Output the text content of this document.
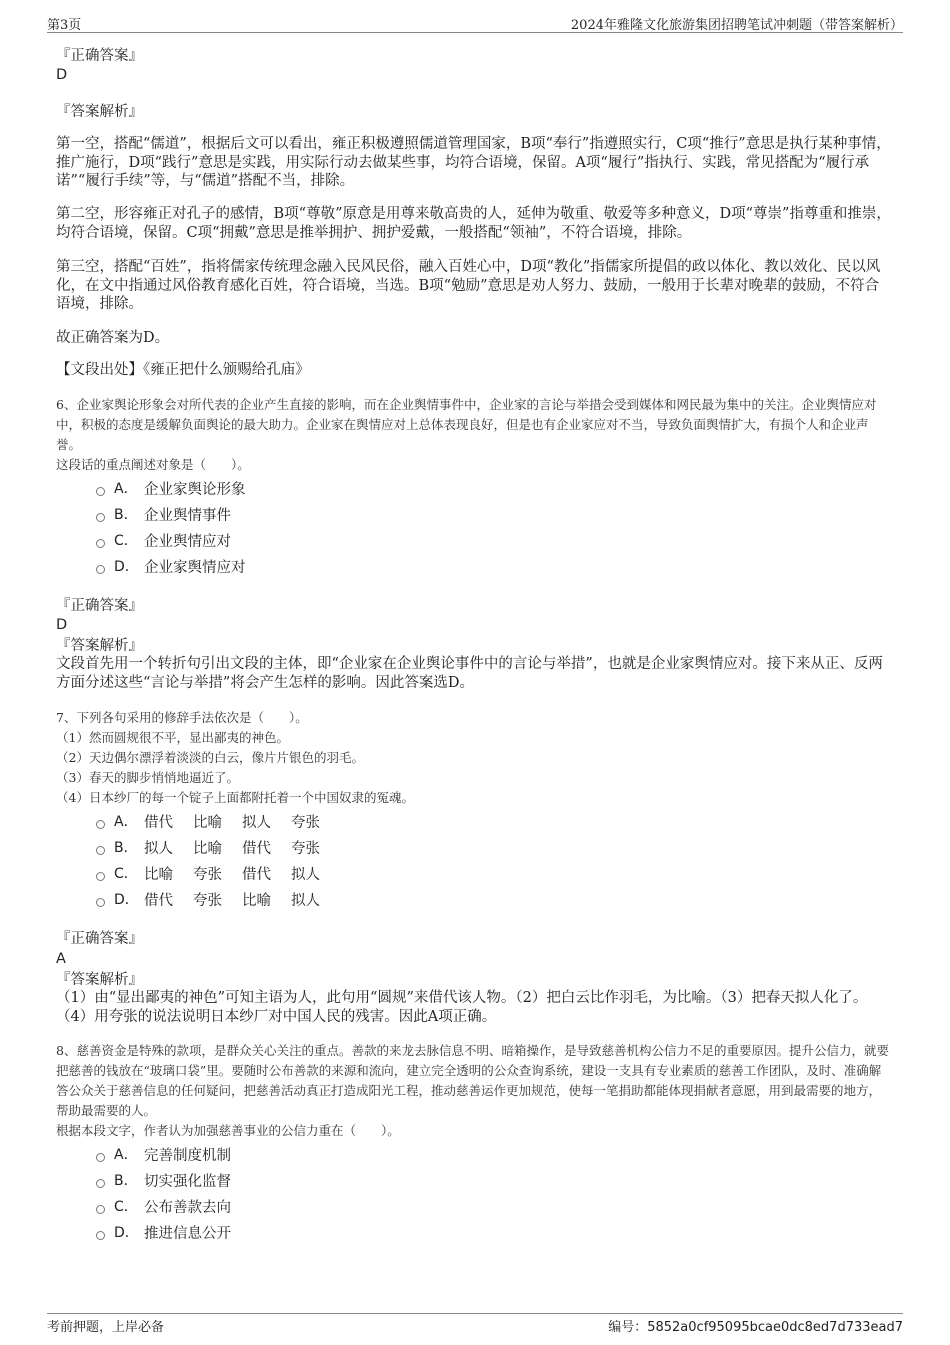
第3页	2024年雅隆文化旅游集团招聘笔试冲刺题（带答案解析）
『正确答案』
D
『答案解析』

第一空，搭配“儒道”，根据后文可以看出，雍正积极遵照儒道管理国家，B项“奉行”指遵照实行，C项“推行”意思是执行某种事情，推广施行，D项“践行”意思是实践，用实际行动去做某些事，均符合语境，保留。A项“履行”指执行、实践，常见搭配为“履行承诺”“履行手续”等，与“儒道”搭配不当，排除。

第二空，形容雍正对孔子的感情，B项“尊敬”原意是用尊来敬高贵的人，延伸为敬重、敬爱等多种意义，D项“尊崇”指尊重和推崇，均符合语境，保留。C项“拥戴”意思是推举拥护、拥护爱戴，一般搭配“领袖”，不符合语境，排除。

第三空，搭配“百姓”，指将儒家传统理念融入民风民俗，融入百姓心中，D项“教化”指儒家所提倡的政以体化、教以效化、民以风化，在文中指通过风俗教育感化百姓，符合语境，当选。B项“勉励”意思是劝人努力、鼓励，一般用于长辈对晚辈的鼓励，不符合语境，排除。

故正确答案为D。

【文段出处】《雍正把什么颁赐给孔庙》

6、企业家舆论形象会对所代表的企业产生直接的影响，而在企业舆情事件中，企业家的言论与举措会受到媒体和网民最为集中的关注。企业舆情应对中，积极的态度是缓解负面舆论的最大助力。企业家在舆情应对上总体表现良好，但是也有企业家应对不当，导致负面舆情扩大，有损个人和企业声誉。

这段话的重点阐述对象是（　　）。

A． 企业家舆论形象
B． 企业舆情事件
C． 企业舆情应对
D． 企业家舆情应对
『正确答案』
D
『答案解析』

文段首先用一个转折句引出文段的主体，即“企业家在企业舆论事件中的言论与举措”，也就是企业家舆情应对。接下来从正、反两方面分述这些“言论与举措”将会产生怎样的影响。因此答案选D。

7、下列各句采用的修辞手法依次是（　　）。

（1）然而圆规很不平，显出鄙夷的神色。

（2）天边偶尔漂浮着淡淡的白云，像片片银色的羽毛。

（3）春天的脚步悄悄地逼近了。

（4）日本纱厂的每一个锭子上面都附托着一个中国奴隶的冤魂。

A． 借代 比喻 拟人 夸张
B． 拟人 比喻 借代 夸张
C． 比喻 夸张 借代 拟人
D． 借代 夸张 比喻 拟人
『正确答案』
A
『答案解析』

（1）由“显出鄙夷的神色”可知主语为人，此句用“圆规”来借代该人物。（2）把白云比作羽毛，为比喻。（3）把春天拟人化了。（4）用夸张的说法说明日本纱厂对中国人民的残害。因此A项正确。

8、慈善资金是特殊的款项，是群众关心关注的重点。善款的来龙去脉信息不明、暗箱操作，是导致慈善机构公信力不足的重要原因。提升公信力，就要把慈善的钱放在“玻璃口袋”里。要随时公布善款的来源和流向，建立完全透明的公众查询系统，建设一支具有专业素质的慈善工作团队，及时、准确解答公众关于慈善信息的任何疑问，把慈善活动真正打造成阳光工程，推动慈善运作更加规范，使每一笔捐助都能体现捐献者意愿，用到最需要的地方，帮助最需要的人。

根据本段文字，作者认为加强慈善事业的公信力重在（　　）。

A． 完善制度机制
B． 切实强化监督
C． 公布善款去向
D． 推进信息公开
考前押题，上岸必备	编号：5852a0cf95095bcae0dc8ed7d733ead7
